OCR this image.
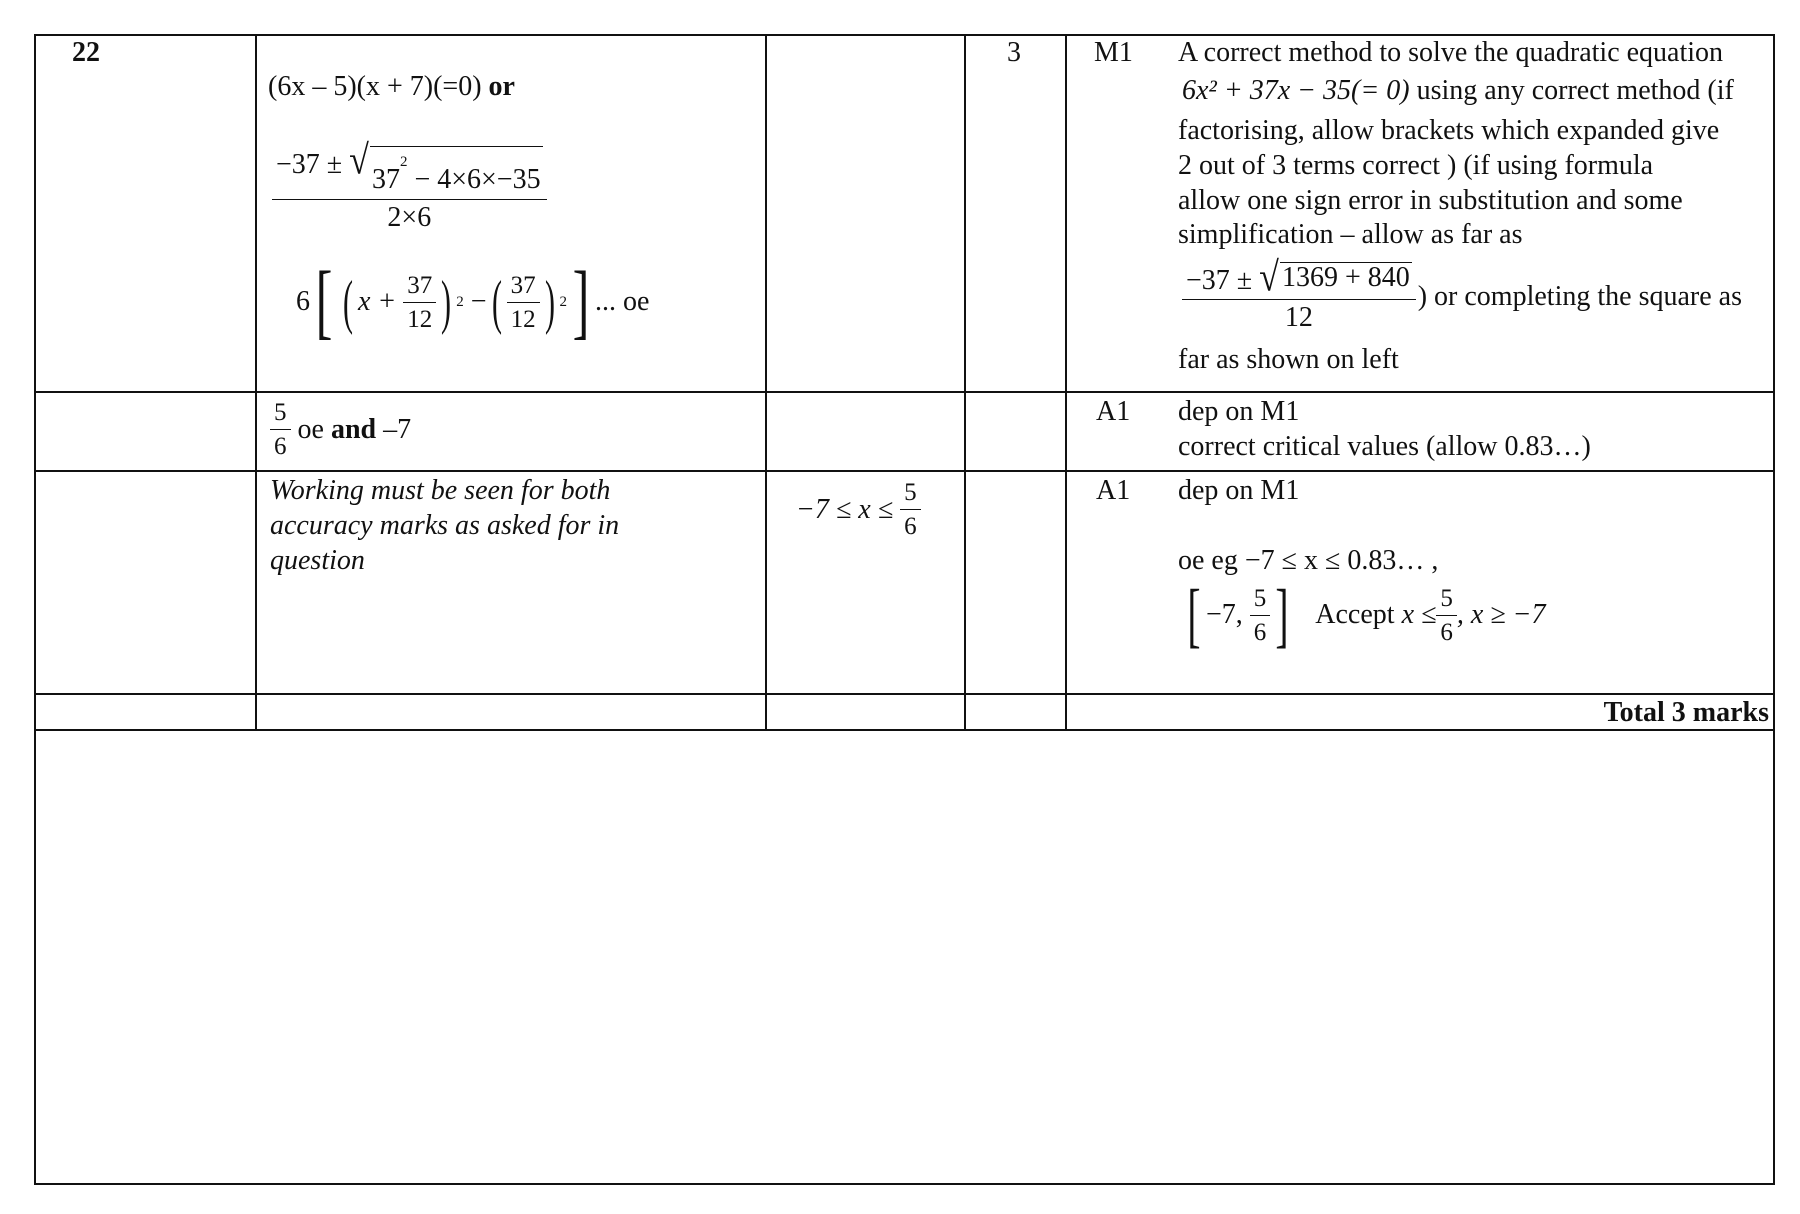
22
(6x – 5)(x + 7)(=0) or
$\frac{-37 \pm √ 37^2 - 4\times 6\times-35}{2\times 6}$
6 [ ( x +
$\frac{37}{12}$ ) 2
− ( $\frac{37}{12}$ ) 2 ] ... oe
3	M1 A correct method to solve the quadratic equation
6x² + 37x − 35(= 0) using any correct method (if
factorising, allow brackets which expanded give
2 out of 3 terms correct ) (if using formula
allow one sign error in substitution and some
simplification – allow as far as
$\frac{-37 \pm √ 1369 + 840}{12}$ ) or completing the square as
far as shown on left
$\frac{5}{6}$
oe
and
–7
A1 dep on M1
correct critical values (allow 0.83…)
Working must be seen for both
accuracy marks as asked for in
question
−7 ≤ x ≤
$\frac{5}{6}$	A1 dep on M1
oe eg −7 ≤ x ≤ 0.83… ,
[ −7,
$\frac{5}{6}$ ]
Accept
$x \le \frac{5}{6}$ , x ≥ −7
Total 3 marks
